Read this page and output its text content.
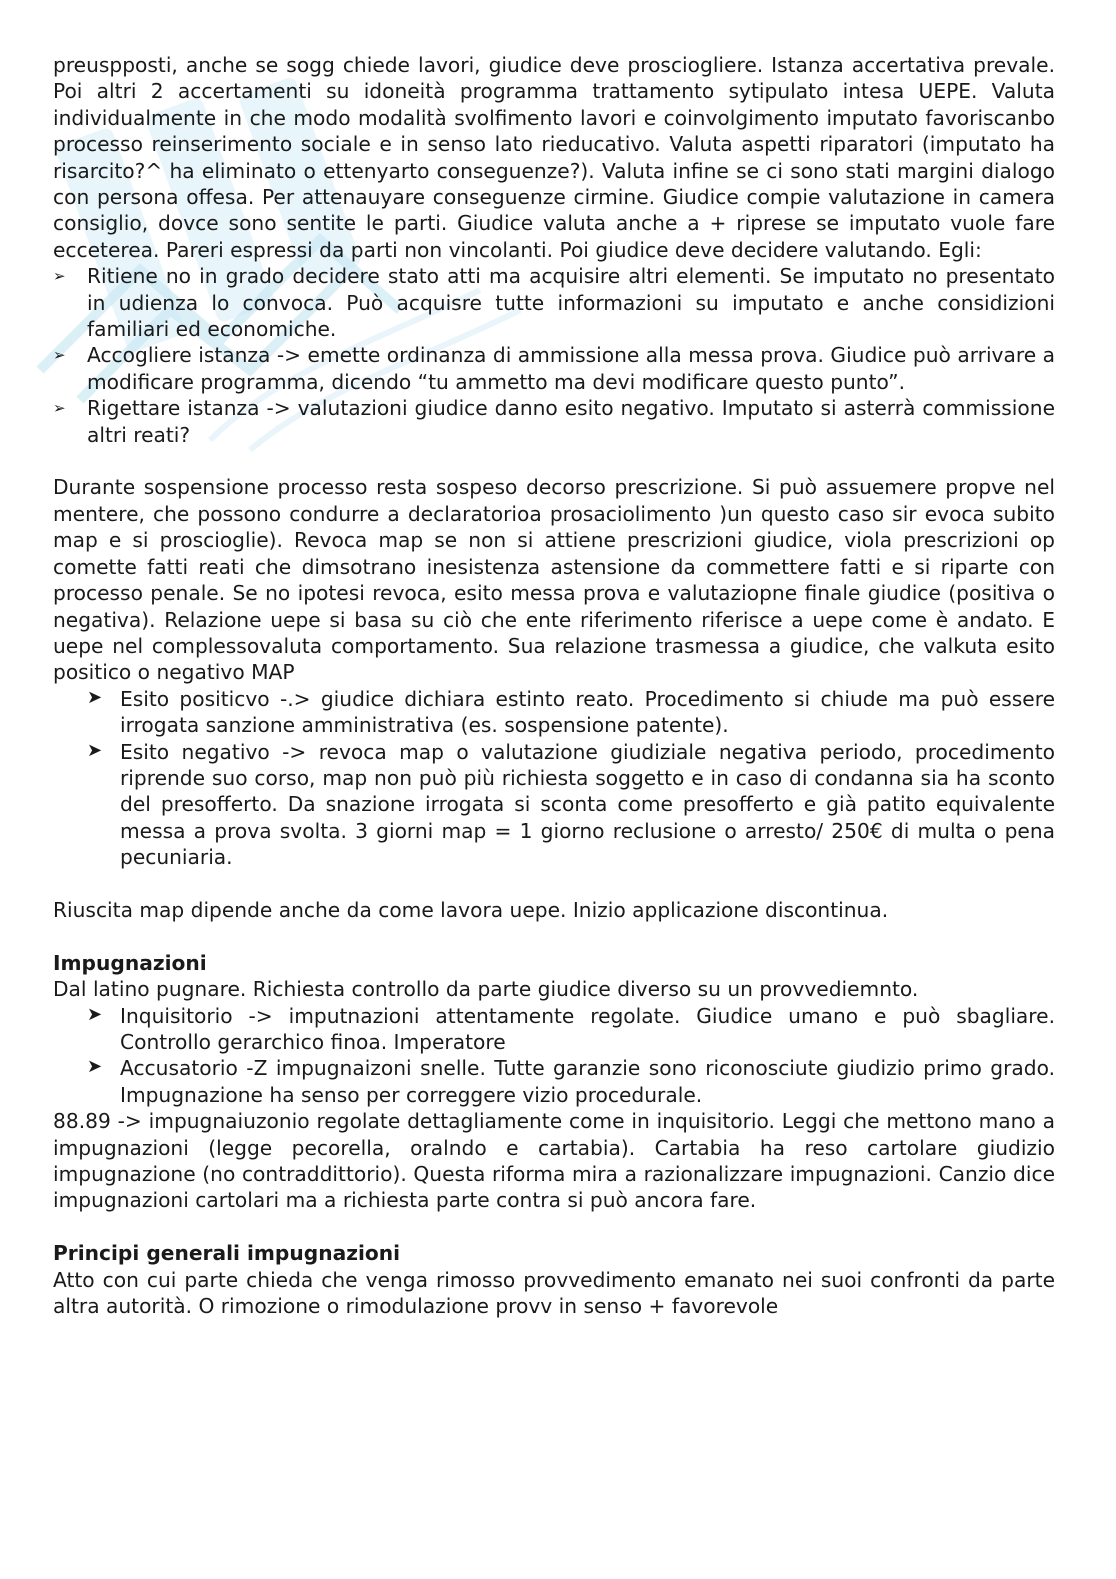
preuspposti, anche se sogg chiede lavori, giudice deve prosciogliere. Istanza accertativa prevale. Poi altri 2 accertamenti su idoneità programma trattamento sytipulato intesa UEPE. Valuta individualmente in che modo modalità svolfimento lavori e coinvolgimento imputato favoriscanbo processo reinserimento sociale e in senso lato rieducativo. Valuta aspetti riparatori (imputato ha risarcito?^ ha eliminato o ettenyarto conseguenze?). Valuta infine se ci sono stati margini dialogo con persona offesa. Per attenauyare conseguenze cirmine. Giudice compie valutazione in camera consiglio, dovce sono sentite le parti. Giudice valuta anche a + riprese se imputato vuole fare ecceterea. Pareri espressi da parti non vincolanti. Poi giudice deve decidere valutando. Egli:

➢	Ritiene no in grado decidere stato atti ma acquisire altri elementi. Se imputato no presentato in udienza lo convoca. Può acquisre tutte informazioni su imputato e anche considizioni familiari ed economiche.
➢	Accogliere istanza -> emette ordinanza di ammissione alla messa prova. Giudice può arrivare a modificare programma, dicendo “tu ammetto ma devi modificare questo punto”.
➢	Rigettare istanza -> valutazioni giudice danno esito negativo. Imputato si asterrà commissione altri reati?

Durante sospensione processo resta sospeso decorso prescrizione. Si può assuemere propve nel mentere, che possono condurre a declaratorioa prosaciolimento )un questo caso sir evoca subito map e si proscioglie). Revoca map se non si attiene prescrizioni giudice, viola prescrizioni op comette fatti reati che dimsotrano inesistenza astensione da commettere fatti e si riparte con processo penale. Se no ipotesi revoca, esito messa prova e valutaziopne finale giudice (positiva o negativa). Relazione uepe si basa su ciò che ente riferimento riferisce a uepe come è andato. E uepe nel complessovaluta comportamento. Sua relazione trasmessa a giudice, che valkuta esito positico o negativo MAP

➤ Esito positicvo -.> giudice dichiara estinto reato. Procedimento si chiude ma può essere irrogata sanzione amministrativa (es. sospensione patente).
➤ Esito negativo -> revoca map o valutazione giudiziale negativa periodo, procedimento riprende suo corso, map non può più richiesta soggetto e in caso di condanna sia ha sconto del presofferto. Da snazione irrogata si sconta come presofferto e già patito equivalente messa a prova svolta. 3 giorni map = 1 giorno reclusione o arresto/ 250€ di multa o pena pecuniaria.

Riuscita map dipende anche da come lavora uepe. Inizio applicazione discontinua.

Impugnazioni

Dal latino pugnare. Richiesta controllo da parte giudice diverso su un provvediemnto.

➤ Inquisitorio -> imputnazioni attentamente regolate. Giudice umano e può sbagliare. Controllo gerarchico finoa. Imperatore
➤ Accusatorio -Z impugnaizoni snelle. Tutte garanzie sono riconosciute giudizio primo grado. Impugnazione ha senso per correggere vizio procedurale.

88.89 -> impugnaiuzonio regolate dettagliamente come in inquisitorio. Leggi che mettono mano a impugnazioni (legge pecorella, oralndo e cartabia). Cartabia ha reso cartolare giudizio impugnazione (no contraddittorio). Questa riforma mira a razionalizzare impugnazioni. Canzio dice impugnazioni cartolari ma a richiesta parte contra si può ancora fare.

Principi generali impugnazioni

Atto con cui parte chieda che venga rimosso provvedimento emanato nei suoi confronti da parte altra autorità. O rimozione o rimodulazione provv in senso + favorevole
